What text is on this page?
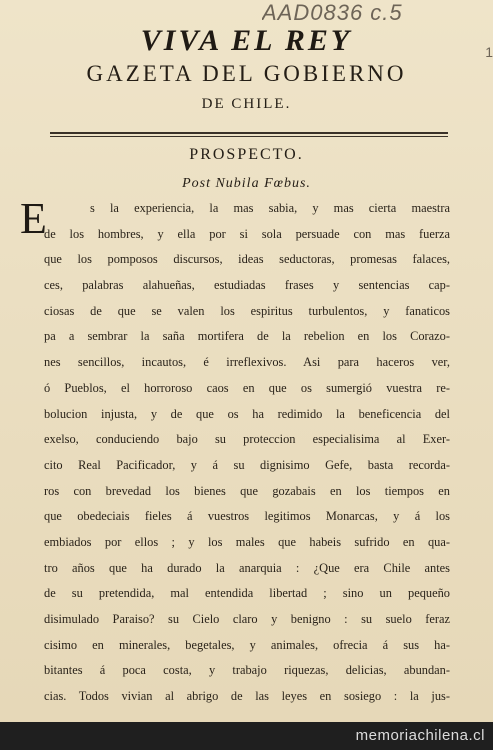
AAD0836 c.5
1
VIVA EL REY
GAZETA DEL GOBIERNO
DE CHILE.
PROSPECTO.
Post Nubila Fœbus.
E	s la experiencia, la mas sabia, y mas cierta maestra
de los hombres, y ella por si sola persuade con mas fuerza
que los pomposos discursos, ideas seductoras, promesas falaces,
ces, palabras alahueñas, estudiadas frases y sentencias cap-
ciosas de que se valen los espiritus turbulentos, y fanaticos
pa a sembrar la saña mortifera de la rebelion en los Corazo-
nes sencillos, incautos, é irreflexivos. Asi para haceros ver,
ó Pueblos, el horroroso caos en que os sumergió vuestra re-
bolucion injusta, y de que os ha redimido la beneficencia del
exelso, conduciendo bajo su proteccion especialisima al Exer-
cito Real Pacificador, y á su dignisimo Gefe, basta recorda-
ros con brevedad los bienes que gozabais en los tiempos en
que obedeciais fieles á vuestros legitimos Monarcas, y á los
embiados por ellos ; y los males que habeis sufrido en qua-
tro años que ha durado la anarquia : ¿Que era Chile antes
de su pretendida, mal entendida libertad ; sino un pequeño
disimulado Paraiso? su Cielo claro y benigno : su suelo feraz
cisimo en minerales, begetales, y animales, ofrecia á sus ha-
bitantes á poca costa, y trabajo riquezas, delicias, abundan-
cias. Todos vivian al abrigo de las leyes en sosiego : la jus-
memoriachilena.cl
